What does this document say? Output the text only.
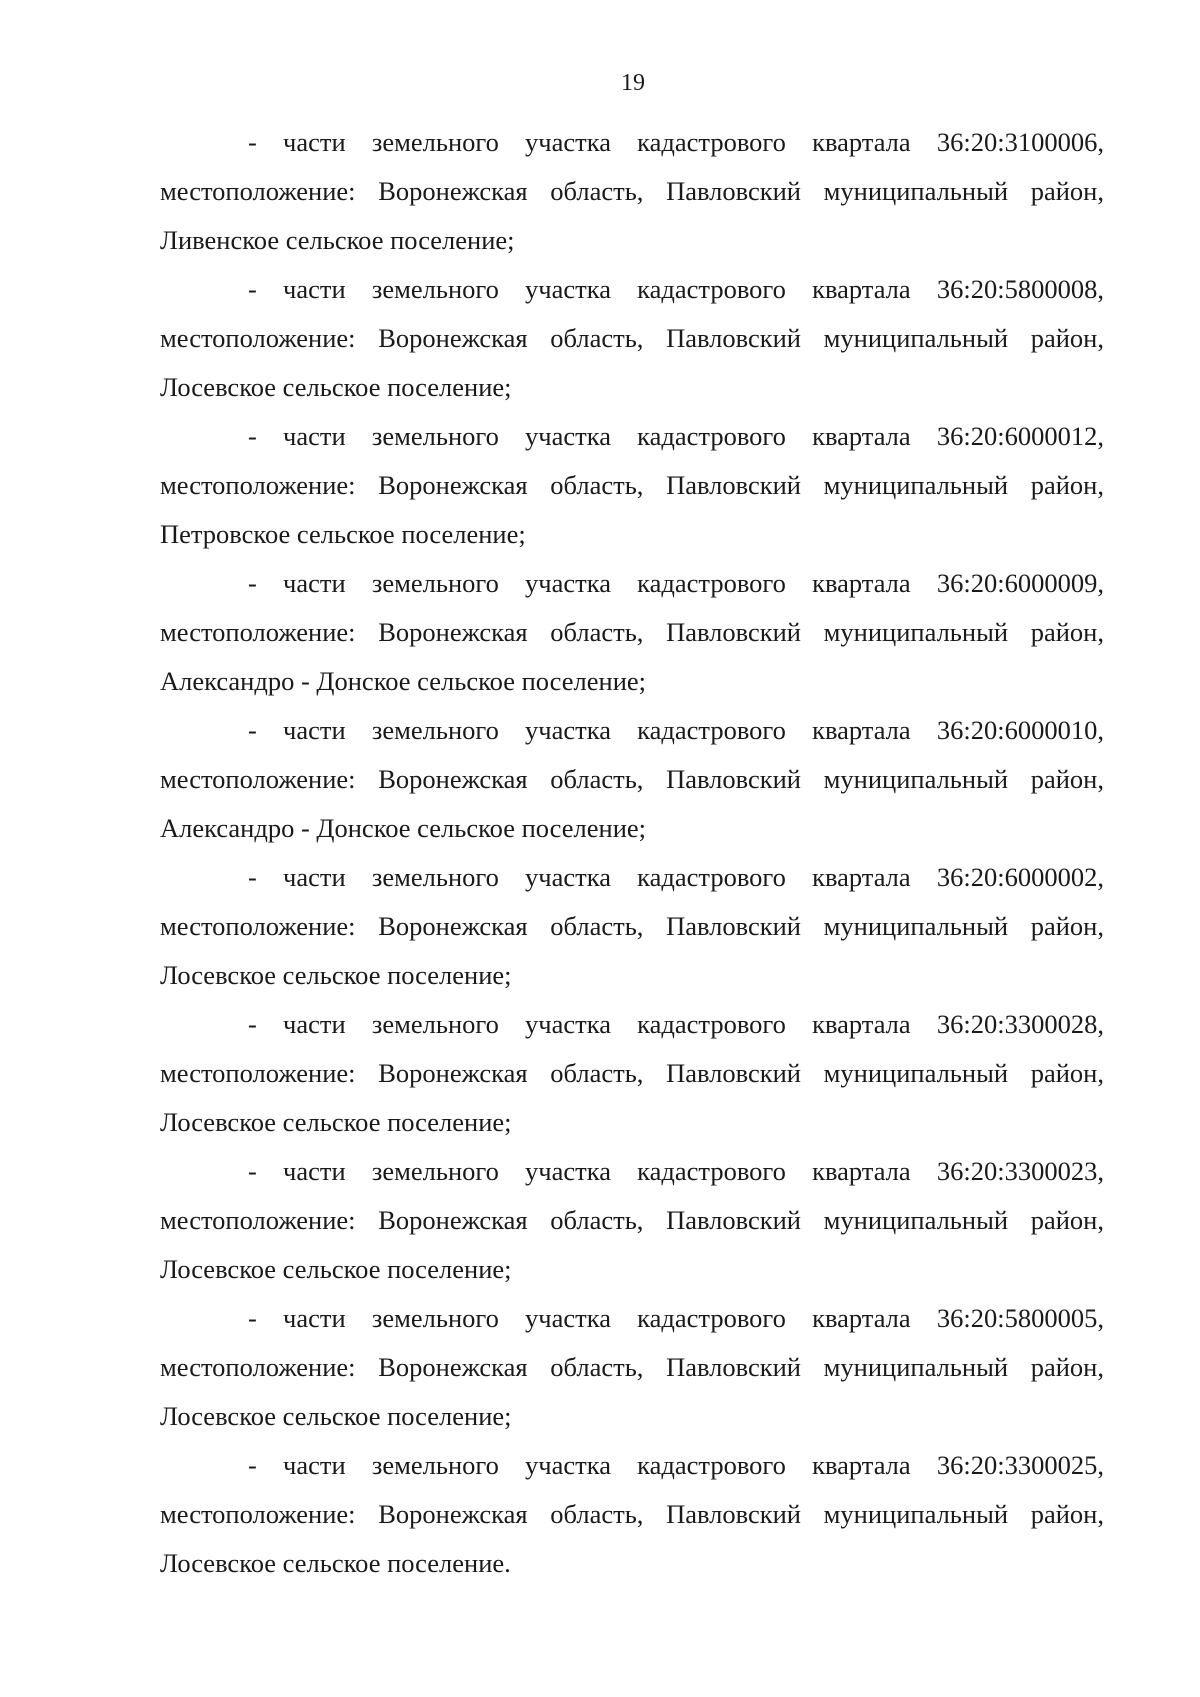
19

- части земельного участка кадастрового квартала 36:20:3100006,
местоположение: Воронежская область, Павловский муниципальный район,
Ливенское сельское поселение;

- части земельного участка кадастрового квартала 36:20:5800008,
местоположение: Воронежская область, Павловский муниципальный район,
Лосевское сельское поселение;

- части земельного участка кадастрового квартала 36:20:6000012,
местоположение: Воронежская область, Павловский муниципальный район,
Петровское сельское поселение;

- части земельного участка кадастрового квартала 36:20:6000009,
местоположение: Воронежская область, Павловский муниципальный район,
Александро - Донское сельское поселение;

- части земельного участка кадастрового квартала 36:20:6000010,
местоположение: Воронежская область, Павловский муниципальный район,
Александро - Донское сельское поселение;

- части земельного участка кадастрового квартала 36:20:6000002,
местоположение: Воронежская область, Павловский муниципальный район,
Лосевское сельское поселение;

- части земельного участка кадастрового квартала 36:20:3300028,
местоположение: Воронежская область, Павловский муниципальный район,
Лосевское сельское поселение;

- части земельного участка кадастрового квартала 36:20:3300023,
местоположение: Воронежская область, Павловский муниципальный район,
Лосевское сельское поселение;

- части земельного участка кадастрового квартала 36:20:5800005,
местоположение: Воронежская область, Павловский муниципальный район,
Лосевское сельское поселение;

- части земельного участка кадастрового квартала 36:20:3300025,
местоположение: Воронежская область, Павловский муниципальный район,
Лосевское сельское поселение.
